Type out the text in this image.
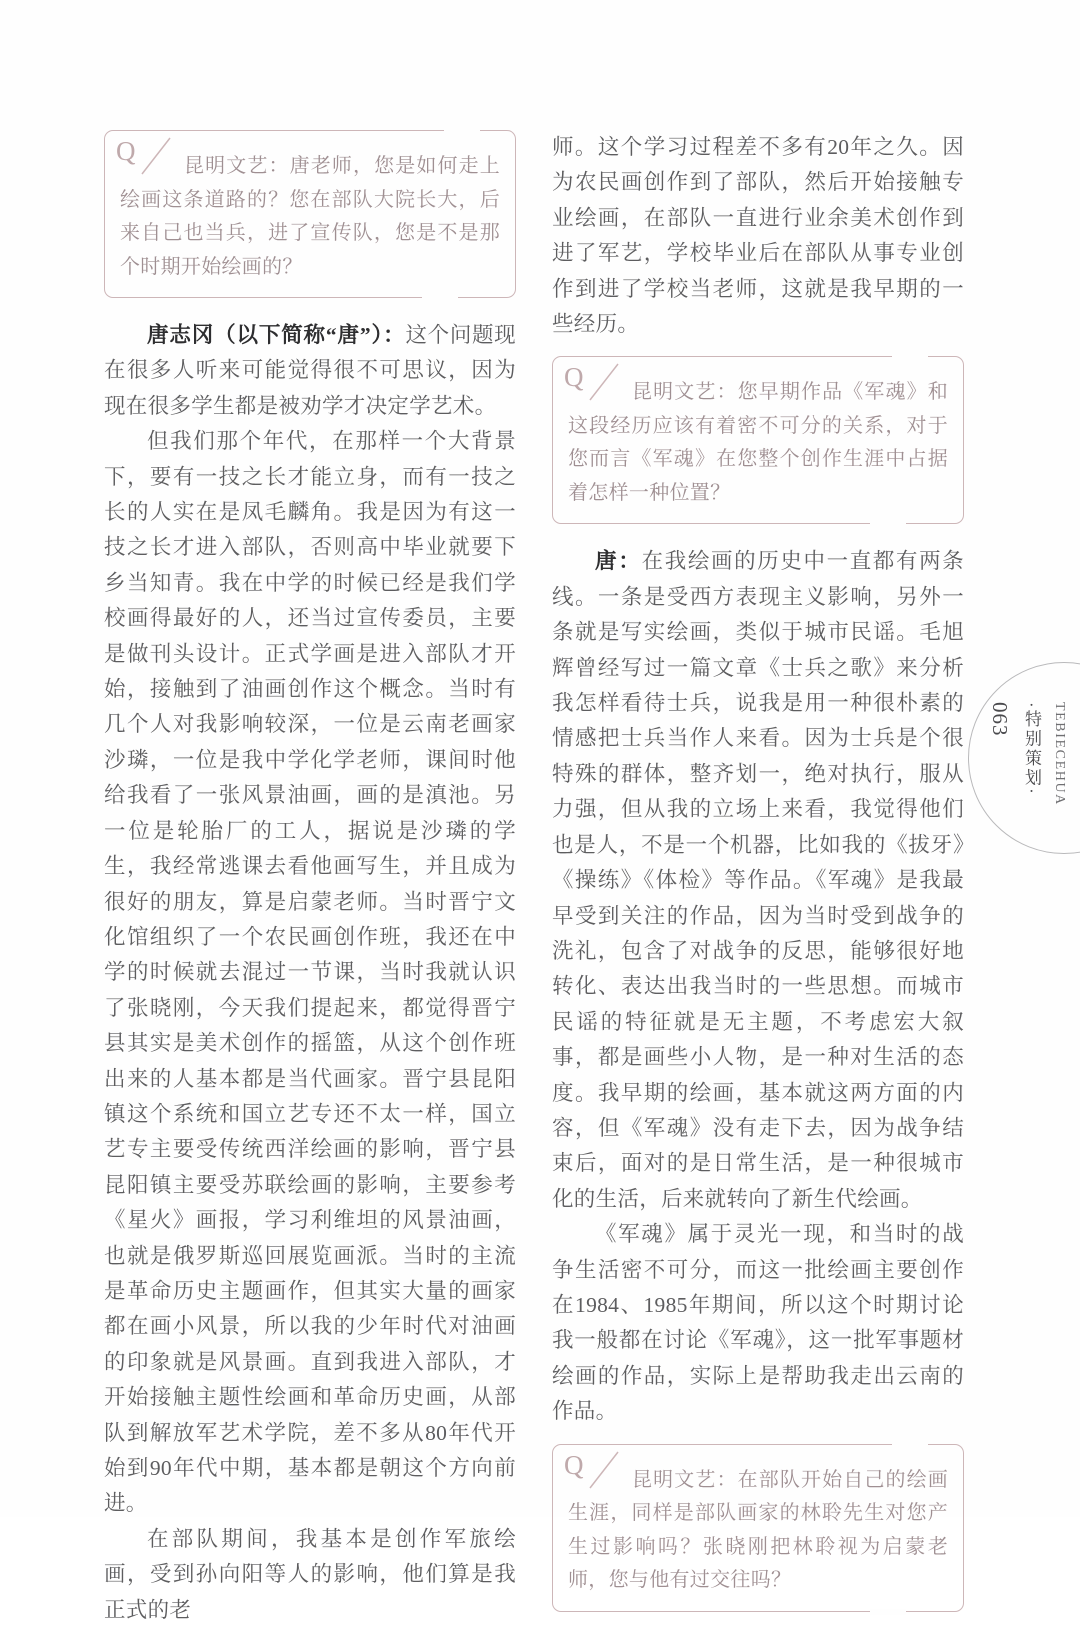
Q	昆明文艺：唐老师，您是如何走上绘画这条道路的？您在部队大院长大，后来自己也当兵，进了宣传队，您是不是那个时期开始绘画的？

唐志冈（以下简称“唐”）：这个问题现在很多人听来可能觉得很不可思议，因为现在很多学生都是被劝学才决定学艺术。

但我们那个年代，在那样一个大背景下，要有一技之长才能立身，而有一技之长的人实在是凤毛麟角。我是因为有这一技之长才进入部队，否则高中毕业就要下乡当知青。我在中学的时候已经是我们学校画得最好的人，还当过宣传委员，主要是做刊头设计。正式学画是进入部队才开始，接触到了油画创作这个概念。当时有几个人对我影响较深，一位是云南老画家沙璘，一位是我中学化学老师，课间时他给我看了一张风景油画，画的是滇池。另一位是轮胎厂的工人，据说是沙璘的学生，我经常逃课去看他画写生，并且成为很好的朋友，算是启蒙老师。当时晋宁文化馆组织了一个农民画创作班，我还在中学的时候就去混过一节课，当时我就认识了张晓刚，今天我们提起来，都觉得晋宁县其实是美术创作的摇篮，从这个创作班出来的人基本都是当代画家。晋宁县昆阳镇这个系统和国立艺专还不太一样，国立艺专主要受传统西洋绘画的影响，晋宁县昆阳镇主要受苏联绘画的影响，主要参考《星火》画报，学习利维坦的风景油画，也就是俄罗斯巡回展览画派。当时的主流是革命历史主题画作，但其实大量的画家都在画小风景，所以我的少年时代对油画的印象就是风景画。直到我进入部队，才开始接触主题性绘画和革命历史画，从部队到解放军艺术学院，差不多从80年代开始到90年代中期，基本都是朝这个方向前进。

在部队期间，我基本是创作军旅绘画，受到孙向阳等人的影响，他们算是我正式的老

师。这个学习过程差不多有20年之久。因为农民画创作到了部队，然后开始接触专业绘画，在部队一直进行业余美术创作到进了军艺，学校毕业后在部队从事专业创作到进了学校当老师，这就是我早期的一些经历。

Q	昆明文艺：您早期作品《军魂》和这段经历应该有着密不可分的关系，对于您而言《军魂》在您整个创作生涯中占据着怎样一种位置？

唐：在我绘画的历史中一直都有两条线。一条是受西方表现主义影响，另外一条就是写实绘画，类似于城市民谣。毛旭辉曾经写过一篇文章《士兵之歌》来分析我怎样看待士兵，说我是用一种很朴素的情感把士兵当作人来看。因为士兵是个很特殊的群体，整齐划一，绝对执行，服从力强，但从我的立场上来看，我觉得他们也是人，不是一个机器，比如我的《拔牙》《操练》《体检》等作品。《军魂》是我最早受到关注的作品，因为当时受到战争的洗礼，包含了对战争的反思，能够很好地转化、表达出我当时的一些思想。而城市民谣的特征就是无主题，不考虑宏大叙事，都是画些小人物，是一种对生活的态度。我早期的绘画，基本就这两方面的内容，但《军魂》没有走下去，因为战争结束后，面对的是日常生活，是一种很城市化的生活，后来就转向了新生代绘画。

《军魂》属于灵光一现，和当时的战争生活密不可分，而这一批绘画主要创作在1984、1985年期间，所以这个时期讨论我一般都在讨论《军魂》，这一批军事题材绘画的作品，实际上是帮助我走出云南的作品。

Q	昆明文艺：在部队开始自己的绘画生涯，同样是部队画家的林聆先生对您产生过影响吗？张晓刚把林聆视为启蒙老师，您与他有过交往吗？
TEBIECEHUA
·特别策划·
063
